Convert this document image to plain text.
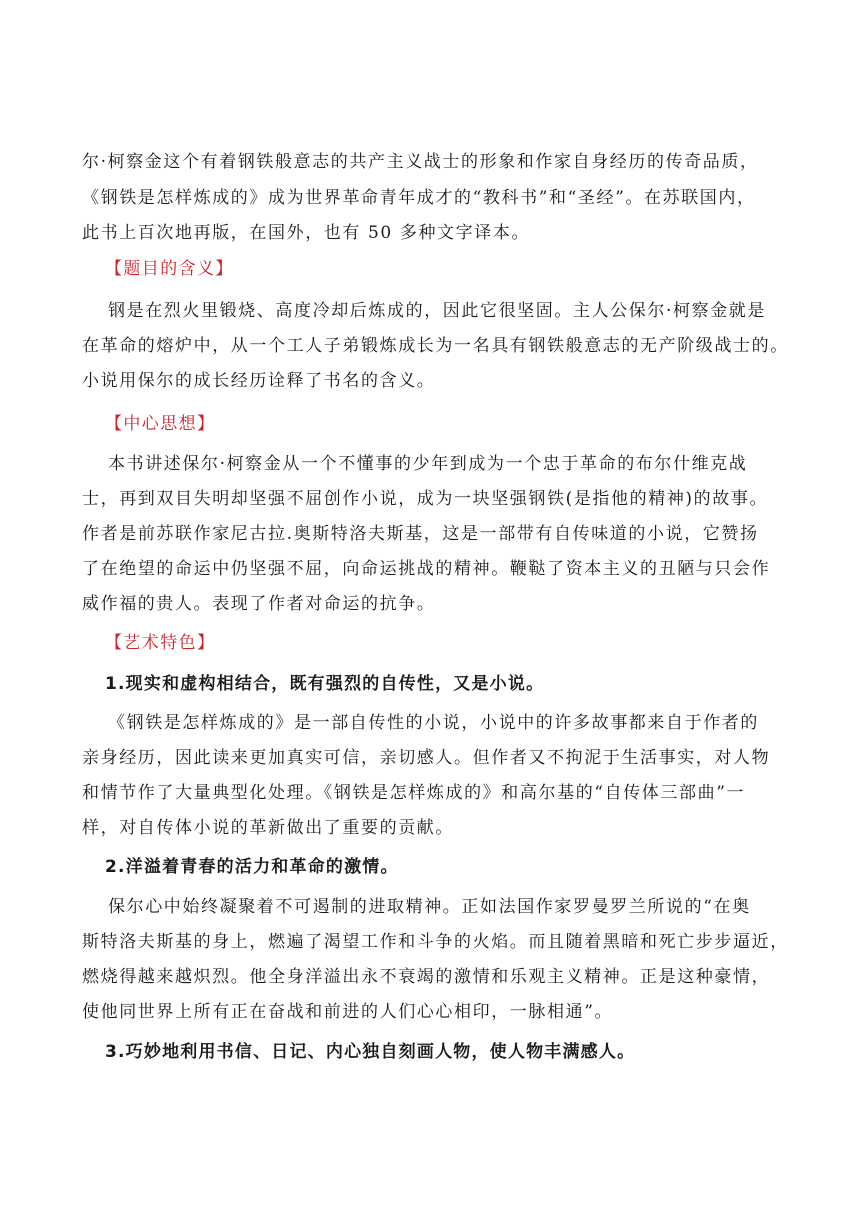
尔·柯察金这个有着钢铁般意志的共产主义战士的形象和作家自身经历的传奇品质，
《钢铁是怎样炼成的》成为世界革命青年成才的“教科书”和“圣经”。在苏联国内，
此书上百次地再版，在国外，也有 50 多种文字译本。
【题目的含义】
钢是在烈火里锻烧、高度冷却后炼成的，因此它很坚固。主人公保尔·柯察金就是
在革命的熔炉中，从一个工人子弟锻炼成长为一名具有钢铁般意志的无产阶级战士的。
小说用保尔的成长经历诠释了书名的含义。
【中心思想】
本书讲述保尔·柯察金从一个不懂事的少年到成为一个忠于革命的布尔什维克战
士，再到双目失明却坚强不屈创作小说，成为一块坚强钢铁(是指他的精神)的故事。
作者是前苏联作家尼古拉.奥斯特洛夫斯基，这是一部带有自传味道的小说，它赞扬
了在绝望的命运中仍坚强不屈，向命运挑战的精神。鞭鞑了资本主义的丑陋与只会作
威作福的贵人。表现了作者对命运的抗争。
【艺术特色】
1.现实和虚构相结合，既有强烈的自传性，又是小说。
《钢铁是怎样炼成的》是一部自传性的小说，小说中的许多故事都来自于作者的
亲身经历，因此读来更加真实可信，亲切感人。但作者又不拘泥于生活事实，对人物
和情节作了大量典型化处理。《钢铁是怎样炼成的》和高尔基的“自传体三部曲”一
样，对自传体小说的革新做出了重要的贡献。
2.洋溢着青春的活力和革命的激情。
保尔心中始终凝聚着不可遏制的进取精神。正如法国作家罗曼罗兰所说的“在奥
斯特洛夫斯基的身上，燃遍了渴望工作和斗争的火焰。而且随着黑暗和死亡步步逼近，
燃烧得越来越炽烈。他全身洋溢出永不衰竭的激情和乐观主义精神。正是这种豪情，
使他同世界上所有正在奋战和前进的人们心心相印，一脉相通”。
3.巧妙地利用书信、日记、内心独自刻画人物，使人物丰满感人。
